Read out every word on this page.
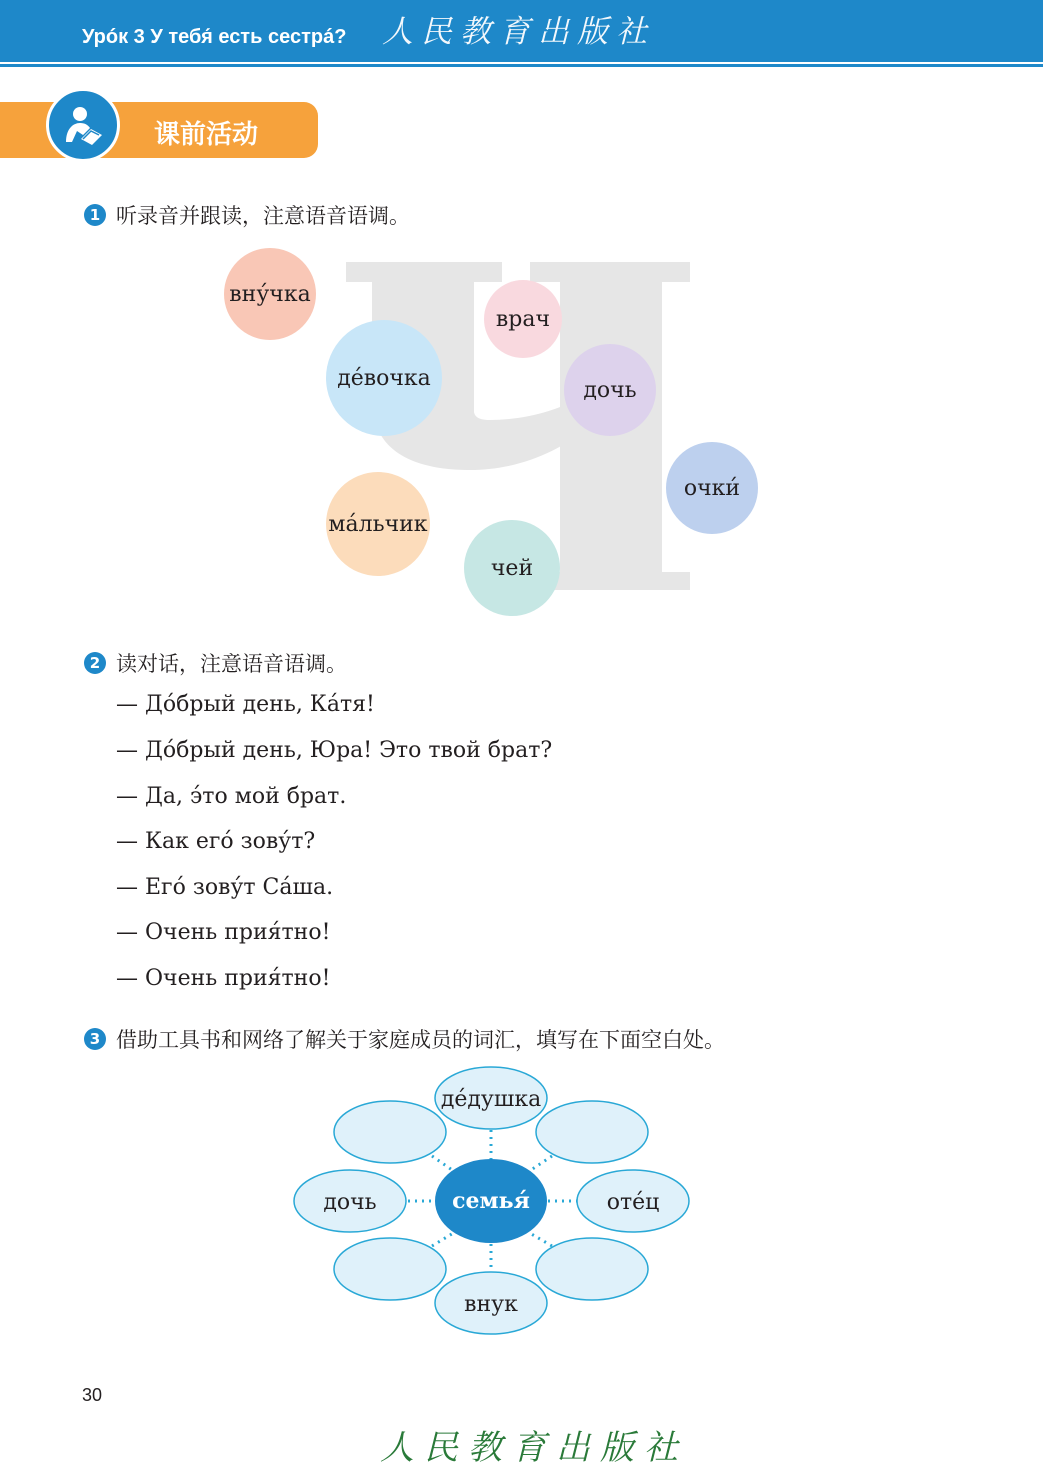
Урóк 3 У тебя́ есть сестрá? 人民教育出版社
课前活动
1 听录音并跟读，注意语音语调。
вну́чка
врач
де́вочка	дочь
очки́
ма́льчик
чей
2 读对话，注意语音语调。
— До́брый день, Ка́тя!
— До́брый день, Юра! Это твой брат?
— Да, э́то мой брат.
— Как его́ зову́т?
— Его́ зову́т Са́ша.
— Очень прия́тно!
— Очень прия́тно!
3 借助工具书和网络了解关于家庭成员的词汇，填写在下面空白处。
семья́
де́душка
дочь	оте́ц
внук
30
人民教育出版社
